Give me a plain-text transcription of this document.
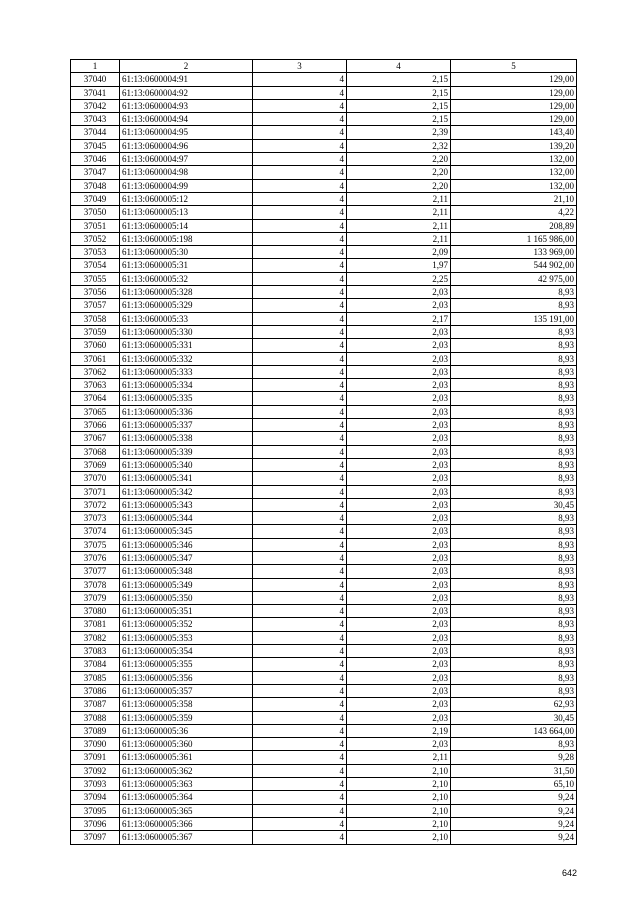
1	2	3	4	5
37040	61:13:0600004:91	4	2,15	129,00
37041	61:13:0600004:92	4	2,15	129,00
37042	61:13:0600004:93	4	2,15	129,00
37043	61:13:0600004:94	4	2,15	129,00
37044	61:13:0600004:95	4	2,39	143,40
37045	61:13:0600004:96	4	2,32	139,20
37046	61:13:0600004:97	4	2,20	132,00
37047	61:13:0600004:98	4	2,20	132,00
37048	61:13:0600004:99	4	2,20	132,00
37049	61:13:0600005:12	4	2,11	21,10
37050	61:13:0600005:13	4	2,11	4,22
37051	61:13:0600005:14	4	2,11	208,89
37052	61:13:0600005:198	4	2,11	1 165 986,00
37053	61:13:0600005:30	4	2,09	133 969,00
37054	61:13:0600005:31	4	1,97	544 902,00
37055	61:13:0600005:32	4	2,25	42 975,00
37056	61:13:0600005:328	4	2,03	8,93
37057	61:13:0600005:329	4	2,03	8,93
37058	61:13:0600005:33	4	2,17	135 191,00
37059	61:13:0600005:330	4	2,03	8,93
37060	61:13:0600005:331	4	2,03	8,93
37061	61:13:0600005:332	4	2,03	8,93
37062	61:13:0600005:333	4	2,03	8,93
37063	61:13:0600005:334	4	2,03	8,93
37064	61:13:0600005:335	4	2,03	8,93
37065	61:13:0600005:336	4	2,03	8,93
37066	61:13:0600005:337	4	2,03	8,93
37067	61:13:0600005:338	4	2,03	8,93
37068	61:13:0600005:339	4	2,03	8,93
37069	61:13:0600005:340	4	2,03	8,93
37070	61:13:0600005:341	4	2,03	8,93
37071	61:13:0600005:342	4	2,03	8,93
37072	61:13:0600005:343	4	2,03	30,45
37073	61:13:0600005:344	4	2,03	8,93
37074	61:13:0600005:345	4	2,03	8,93
37075	61:13:0600005:346	4	2,03	8,93
37076	61:13:0600005:347	4	2,03	8,93
37077	61:13:0600005:348	4	2,03	8,93
37078	61:13:0600005:349	4	2,03	8,93
37079	61:13:0600005:350	4	2,03	8,93
37080	61:13:0600005:351	4	2,03	8,93
37081	61:13:0600005:352	4	2,03	8,93
37082	61:13:0600005:353	4	2,03	8,93
37083	61:13:0600005:354	4	2,03	8,93
37084	61:13:0600005:355	4	2,03	8,93
37085	61:13:0600005:356	4	2,03	8,93
37086	61:13:0600005:357	4	2,03	8,93
37087	61:13:0600005:358	4	2,03	62,93
37088	61:13:0600005:359	4	2,03	30,45
37089	61:13:0600005:36	4	2,19	143 664,00
37090	61:13:0600005:360	4	2,03	8,93
37091	61:13:0600005:361	4	2,11	9,28
37092	61:13:0600005:362	4	2,10	31,50
37093	61:13:0600005:363	4	2,10	65,10
37094	61:13:0600005:364	4	2,10	9,24
37095	61:13:0600005:365	4	2,10	9,24
37096	61:13:0600005:366	4	2,10	9,24
37097	61:13:0600005:367	4	2,10	9,24
642
